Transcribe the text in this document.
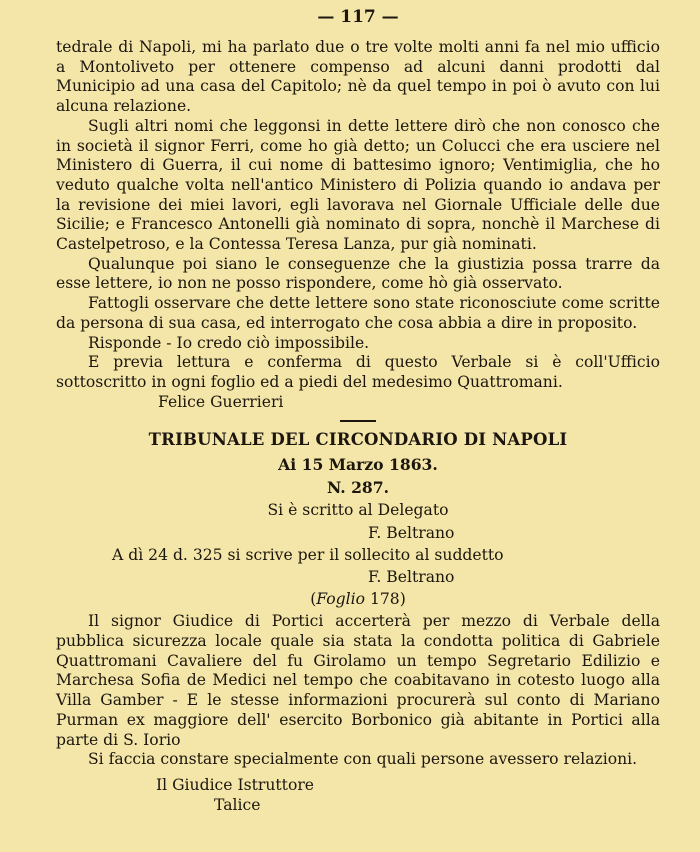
— 117 —

tedrale di Napoli, mi ha parlato due o tre volte molti anni fa nel mio ufficio a Montoliveto per ottenere compenso ad alcuni danni prodotti dal Municipio ad una casa del Capitolo; nè da quel tempo in poi ò avuto con lui alcuna relazione.

Sugli altri nomi che leggonsi in dette lettere dirò che non conosco che in società il signor Ferri, come ho già detto; un Colucci che era usciere nel Ministero di Guerra, il cui nome di battesimo ignoro; Ventimiglia, che ho veduto qualche volta nell'antico Ministero di Polizia quando io andava per la revisione dei miei lavori, egli lavorava nel Giornale Ufficiale delle due Sicilie; e Francesco Antonelli già nominato di sopra, nonchè il Marchese di Castelpetroso, e la Contessa Teresa Lanza, pur già nominati.

Qualunque poi siano le conseguenze che la giustizia possa trarre da esse lettere, io non ne posso rispondere, come hò già osservato.

Fattogli osservare che dette lettere sono state riconosciute come scritte da persona di sua casa, ed interrogato che cosa abbia a dire in proposito.

Risponde - Io credo ciò impossibile.

E previa lettura e conferma di questo Verbale si è coll'Ufficio sottoscritto in ogni foglio ed a piedi del medesimo Quattromani.

Felice Guerrieri

TRIBUNALE DEL CIRCONDARIO DI NAPOLI
Ai 15 Marzo 1863.
N. 287.
Si è scritto al Delegato
F. Beltrano
A dì 24 d. 325 si scrive per il sollecito al suddetto
F. Beltrano
(Foglio 178)

Il signor Giudice di Portici accerterà per mezzo di Verbale della pubblica sicurezza locale quale sia stata la condotta politica di Gabriele Quattromani Cavaliere del fu Girolamo un tempo Segretario Edilizio e Marchesa Sofia de Medici nel tempo che coabitavano in cotesto luogo alla Villa Gamber - E le stesse informazioni procurerà sul conto di Mariano Purman ex maggiore dell' esercito Borbonico già abitante in Portici alla parte di S. Iorio

Si faccia constare specialmente con quali persone avessero relazioni.

Il Giudice Istruttore
Talice
